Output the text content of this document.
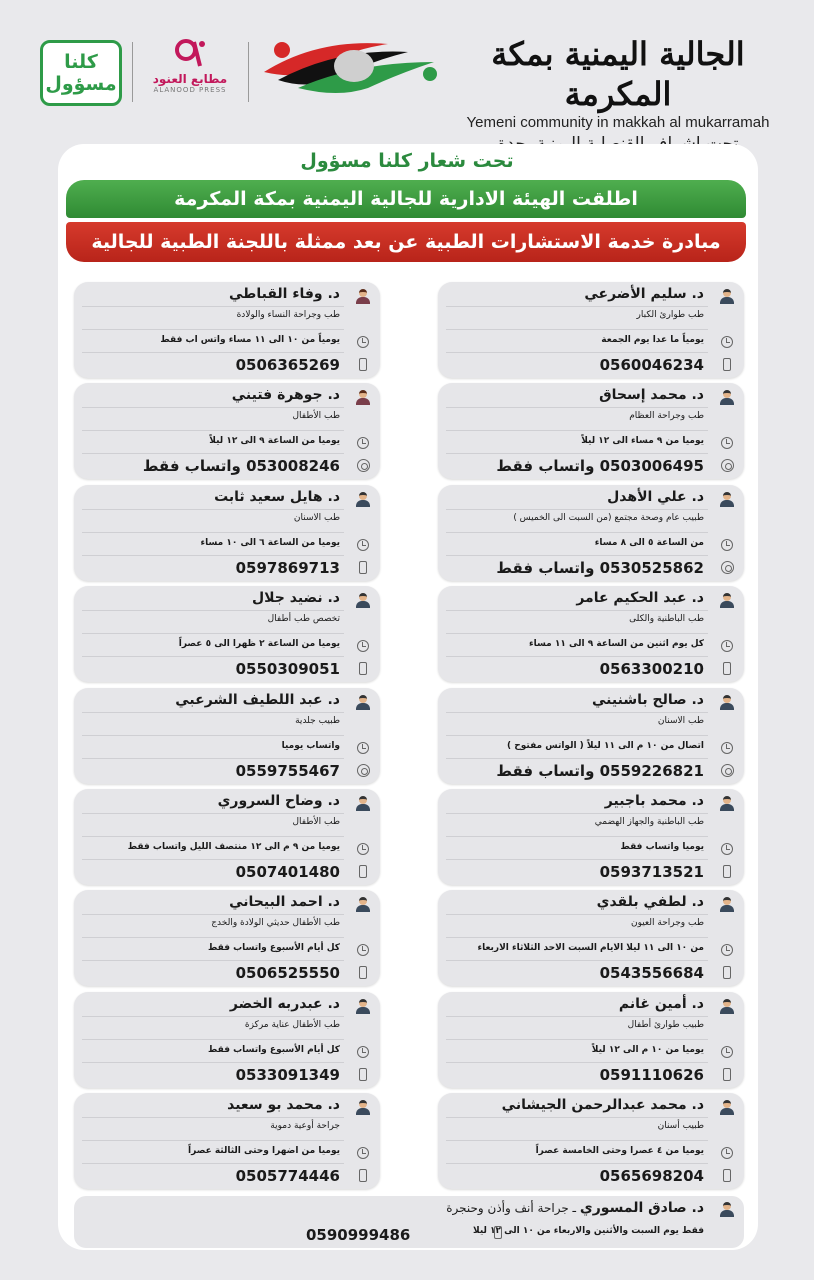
كلنا
مسؤول	مطابع العنود
ALANOOD PRESS
الجالية اليمنية بمكة المكرمة
Yemeni community in makkah al mukarramah
تحت شعار كلنا مسؤول
اطلقت الهيئة الادارية للجالية اليمنية بمكة المكرمة
مبادرة خدمة الاستشارات الطبية عن بعد ممثلة باللجنة الطبية للجالية
د. سليم الأضرعي
طب طوارئ الكبار
يومياً ما عدا يوم الجمعة
0560046234
د. محمد إسحاق
طب وجراحة العظام
يوميا من ٩ مساء الى ١٢ ليلاً
0503006495 واتساب فقط
د. علي الأهدل
طبيب عام وصحة مجتمع (من السبت الى الخميس )
من الساعة ٥ الى ٨ مساء
0530525862 واتساب فقط
د. عبد الحكيم عامر
طب الباطنية والكلى
كل يوم اثنين من الساعة ٩ الى ١١ مساء
0563300210
د. صالح باشنيني
طب الاسنان
اتصال من ١٠ م الى ١١ ليلاً ( الواتس مفتوح )
0559226821 واتساب فقط
د. محمد باجبير
طب الباطنية والجهاز الهضمي
يوميا واتساب فقط
0593713521
د. لطفي بلقدي
طب وجراحة العيون
من ١٠ الى ١١ ليلا الايام السبت الاحد الثلاثاء الاربعاء
0543556684
د. أمين غانم
طبيب طوارئ أطفال
يوميا من ١٠ م الى ١٢ ليلاً
0591110626
د. محمد عبدالرحمن الجيشاني
طبيب أسنان
يوميا من ٤ عصرا وحتى الخامسة عصراً
0565698204
د. وفاء القباطي
طب وجراحة النساء والولادة
يومياً من ١٠ الى ١١ مساء واتس اب فقط
0506365269
د. جوهرة فتيني
طب الأطفال
يوميا من الساعة ٩ الى ١٢ ليلاً
053008246 واتساب فقط
د. هايل سعيد ثابت
طب الاسنان
يوميا من الساعة ٦ الى ١٠ مساء
0597869713
د. نضيد جلال
تخصص طب أطفال
يوميا من الساعة ٢ ظهرا الى ٥ عصراً
0550309051
د. عبد اللطيف الشرعبي
طبيب جلدية
واتساب يوميا
0559755467
د. وضاح السروري
طب الأطفال
يوميا من ٩ م الى ١٢ منتصف الليل واتساب فقط
0507401480
د. احمد البيحاني
طب الأطفال حديثي الولادة والخدج
كل أيام الأسبوع واتساب فقط
0506525550
د. عبدربه الخضر
طب الأطفال عناية مركزة
كل أيام الأسبوع واتساب فقط
0533091349
د. محمد بو سعيد
جراحة أوعية دموية
يوميا من اضهرا وحتى الثالثة عصراً
0505774446
د. صادق المسوري ـ جراحة أنف وأذن وحنجرة
فقط يوم السبت والأثنين والاربعاء من ١٠ الى ١٢ ليلا
0590999486
